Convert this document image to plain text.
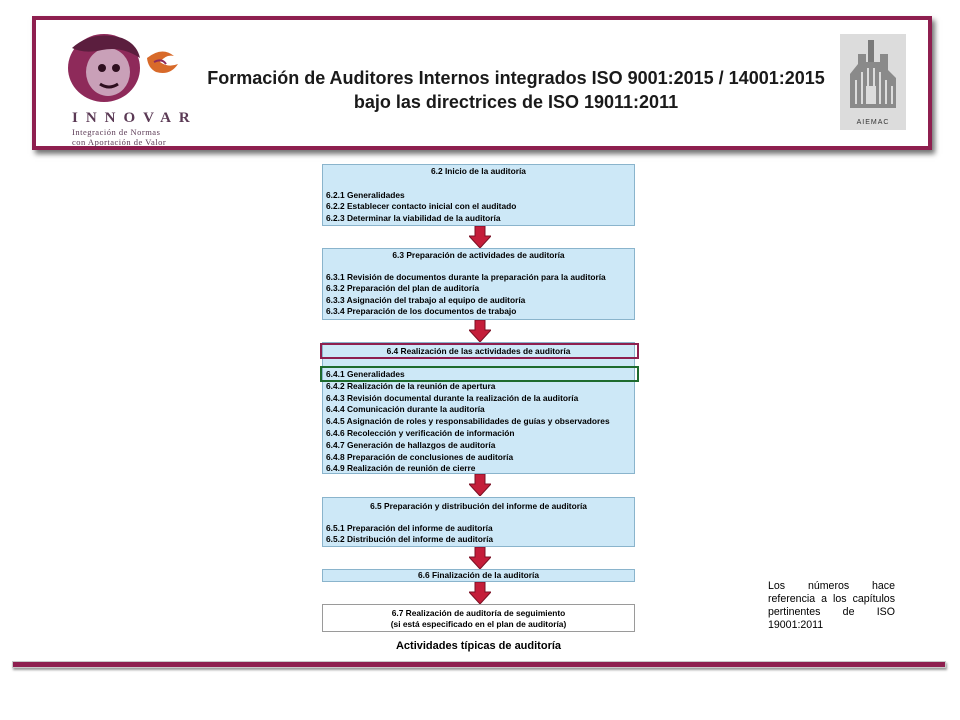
INNOVAR
Integración de Normas
con Aportación de Valor
Formación de Auditores Internos integrados ISO 9001:2015 / 14001:2015 bajo las directrices de ISO 19011:2011
AIEMAC
6.2 Inicio de la auditoría
6.2.1 Generalidades
6.2.2 Establecer contacto inicial con el auditado
6.2.3 Determinar la viabilidad de la auditoría
6.3 Preparación de actividades de auditoría
6.3.1 Revisión de documentos durante la preparación para la auditoría
6.3.2 Preparación del plan de auditoría
6.3.3 Asignación del trabajo al equipo de auditoría
6.3.4 Preparación de los documentos de trabajo
6.4 Realización de las actividades de auditoría
6.4.1 Generalidades
6.4.2 Realización de la reunión de apertura
6.4.3 Revisión documental durante la realización de la auditoría
6.4.4 Comunicación durante la auditoría
6.4.5 Asignación de roles y responsabilidades de guías y observadores
6.4.6 Recolección y verificación de información
6.4.7 Generación de hallazgos de auditoría
6.4.8 Preparación de conclusiones de auditoría
6.4.9 Realización de reunión de cierre
6.5 Preparación y distribución del informe de auditoría
6.5.1 Preparación del informe de auditoría
6.5.2 Distribución del informe de auditoría
6.6 Finalización de la auditoría
6.7 Realización de auditoría de seguimiento
(si está especificado en el plan de auditoría)
Actividades típicas de auditoría
Los números hace referencia a los capítulos pertinentes de ISO 19001:2011
